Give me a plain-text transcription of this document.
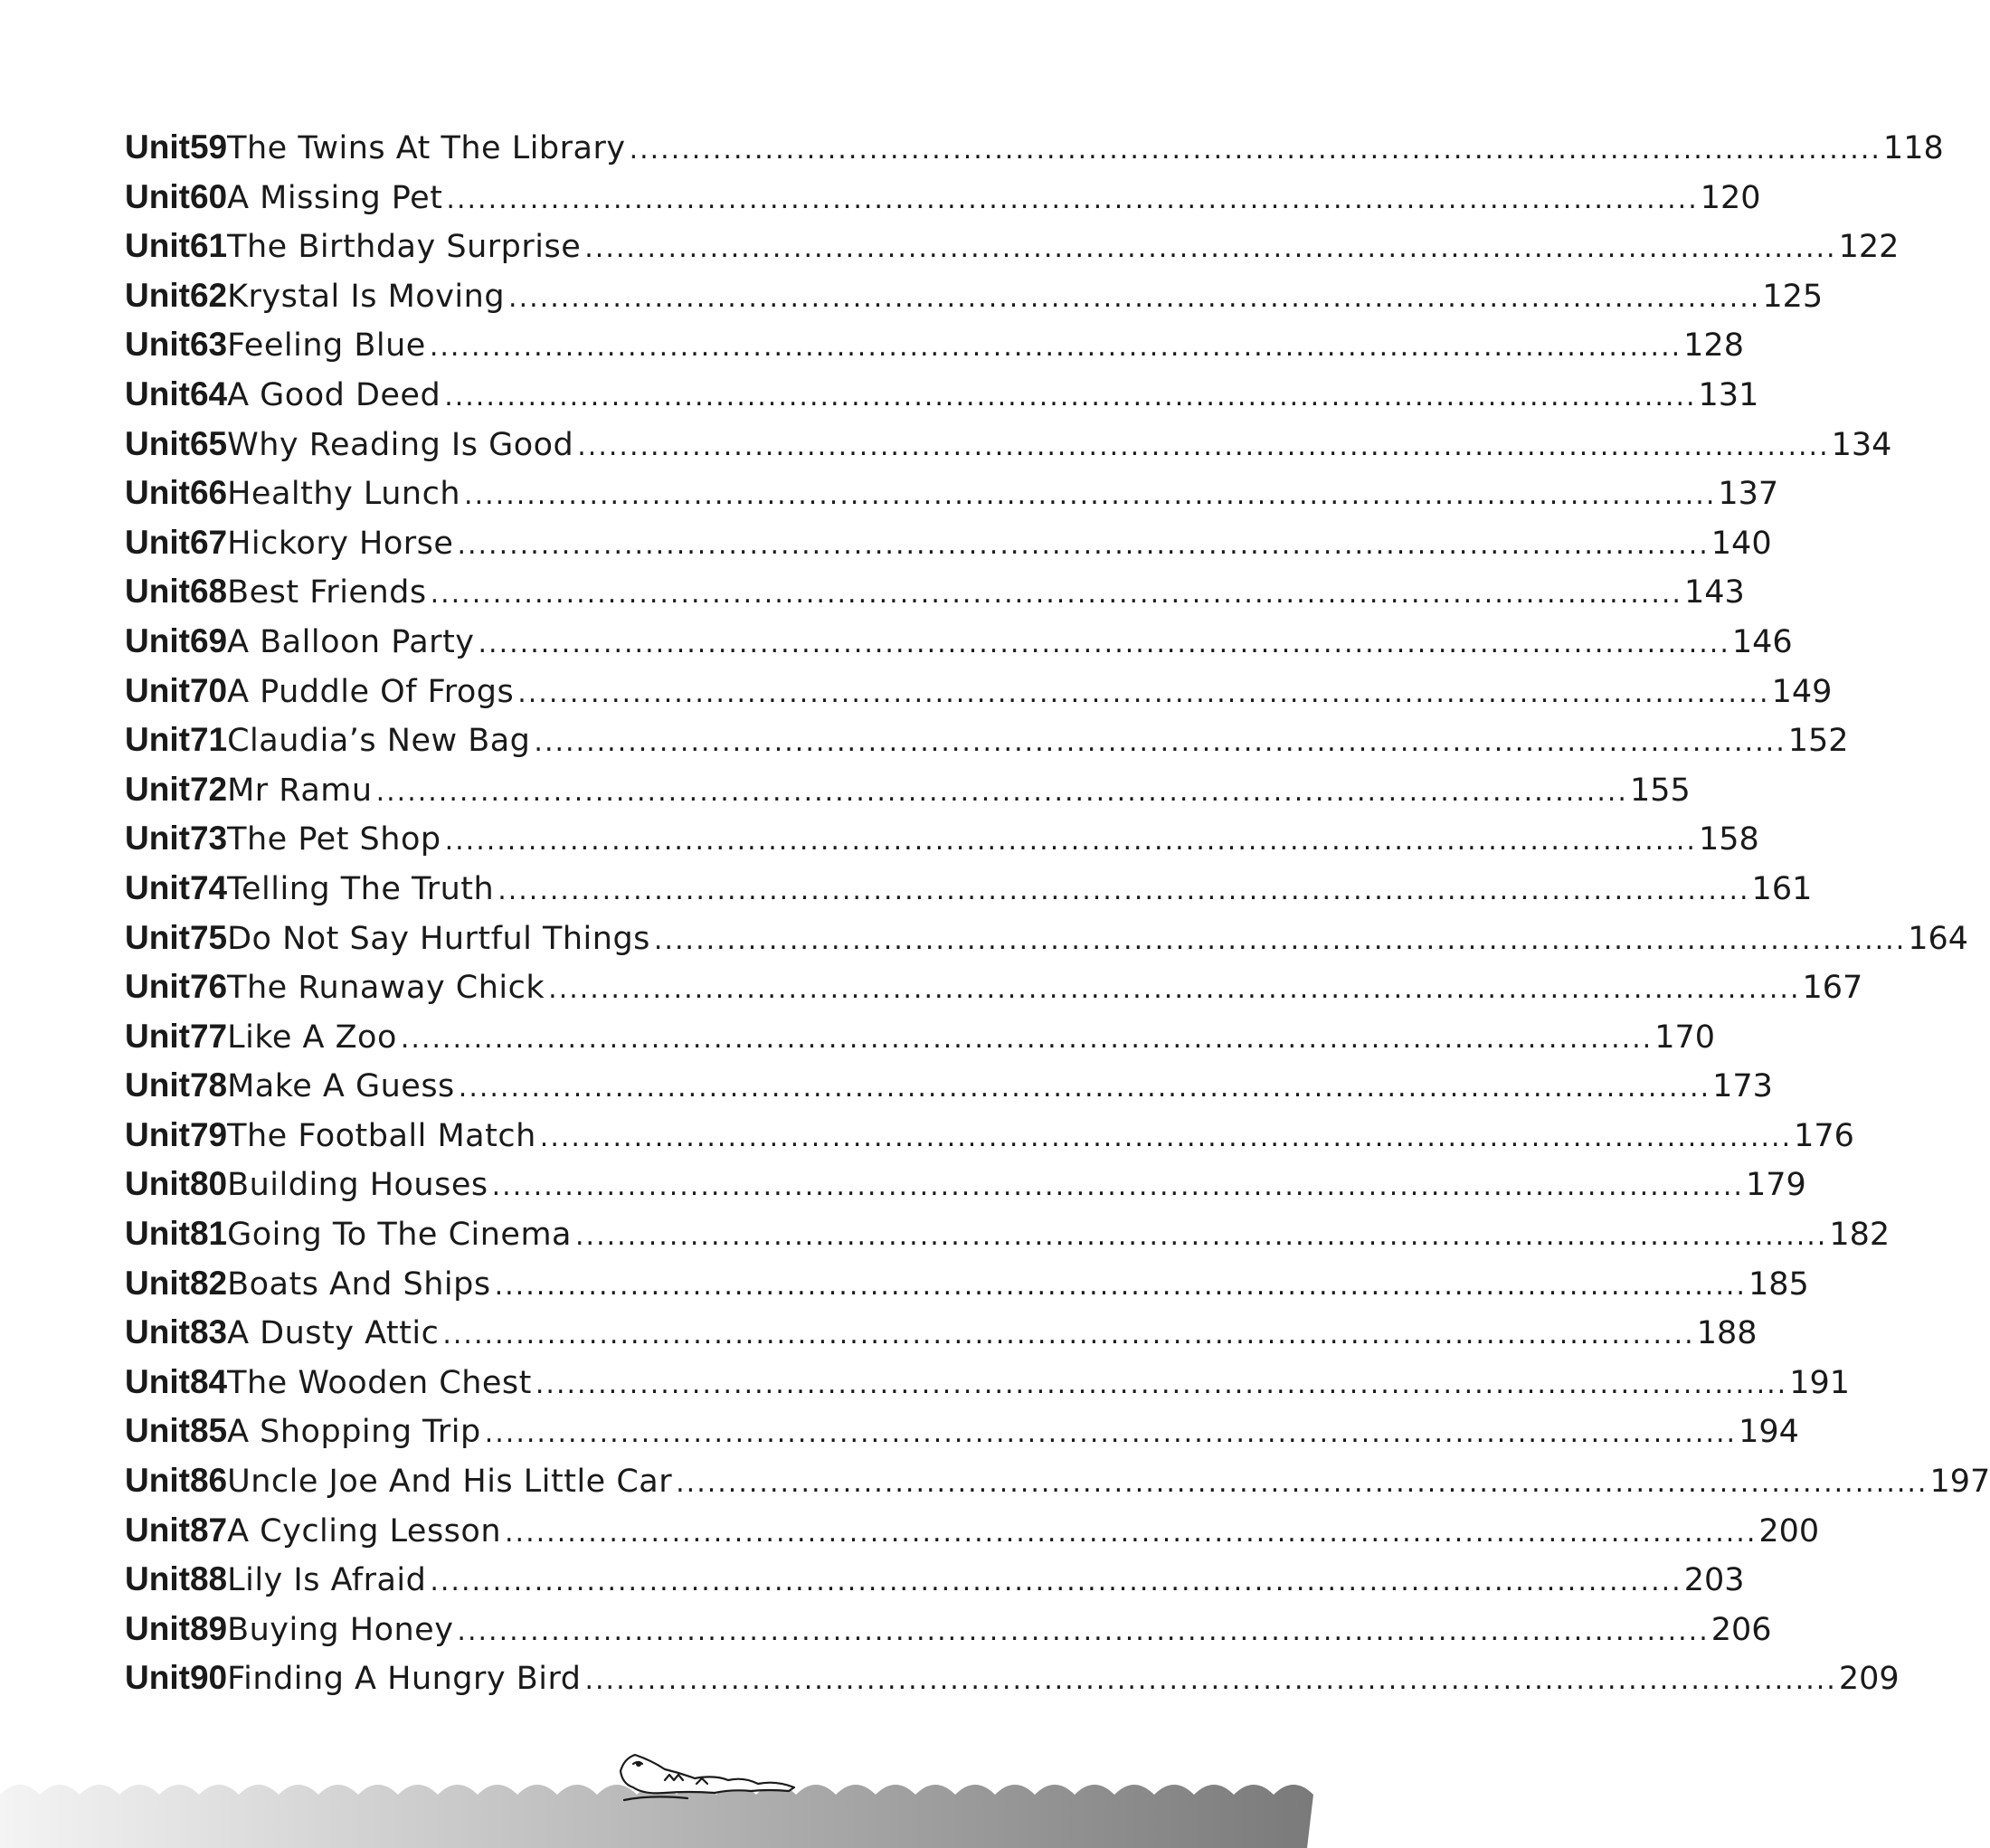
Unit 59 The Twins At The Library ........................................................................................................................ 118
Unit 60 A Missing Pet ........................................................................................................................ 120
Unit 61 The Birthday Surprise ........................................................................................................................ 122
Unit 62 Krystal Is Moving ........................................................................................................................ 125
Unit 63 Feeling Blue ........................................................................................................................ 128
Unit 64 A Good Deed ........................................................................................................................ 131
Unit 65 Why Reading Is Good ........................................................................................................................ 134
Unit 66 Healthy Lunch ........................................................................................................................ 137
Unit 67 Hickory Horse ........................................................................................................................ 140
Unit 68 Best Friends ........................................................................................................................ 143
Unit 69 A Balloon Party ........................................................................................................................ 146
Unit 70 A Puddle Of Frogs ........................................................................................................................ 149
Unit 71 Claudia’s New Bag ........................................................................................................................ 152
Unit 72 Mr Ramu ........................................................................................................................ 155
Unit 73 The Pet Shop ........................................................................................................................ 158
Unit 74 Telling The Truth ........................................................................................................................ 161
Unit 75 Do Not Say Hurtful Things ........................................................................................................................ 164
Unit 76 The Runaway Chick ........................................................................................................................ 167
Unit 77 Like A Zoo ........................................................................................................................ 170
Unit 78 Make A Guess ........................................................................................................................ 173
Unit 79 The Football Match ........................................................................................................................ 176
Unit 80 Building Houses ........................................................................................................................ 179
Unit 81 Going To The Cinema ........................................................................................................................ 182
Unit 82 Boats And Ships ........................................................................................................................ 185
Unit 83 A Dusty Attic ........................................................................................................................ 188
Unit 84 The Wooden Chest ........................................................................................................................ 191
Unit 85 A Shopping Trip ........................................................................................................................ 194
Unit 86 Uncle Joe And His Little Car ........................................................................................................................ 197
Unit 87 A Cycling Lesson ........................................................................................................................ 200
Unit 88 Lily Is Afraid ........................................................................................................................ 203
Unit 89 Buying Honey ........................................................................................................................ 206
Unit 90 Finding A Hungry Bird ........................................................................................................................ 209
